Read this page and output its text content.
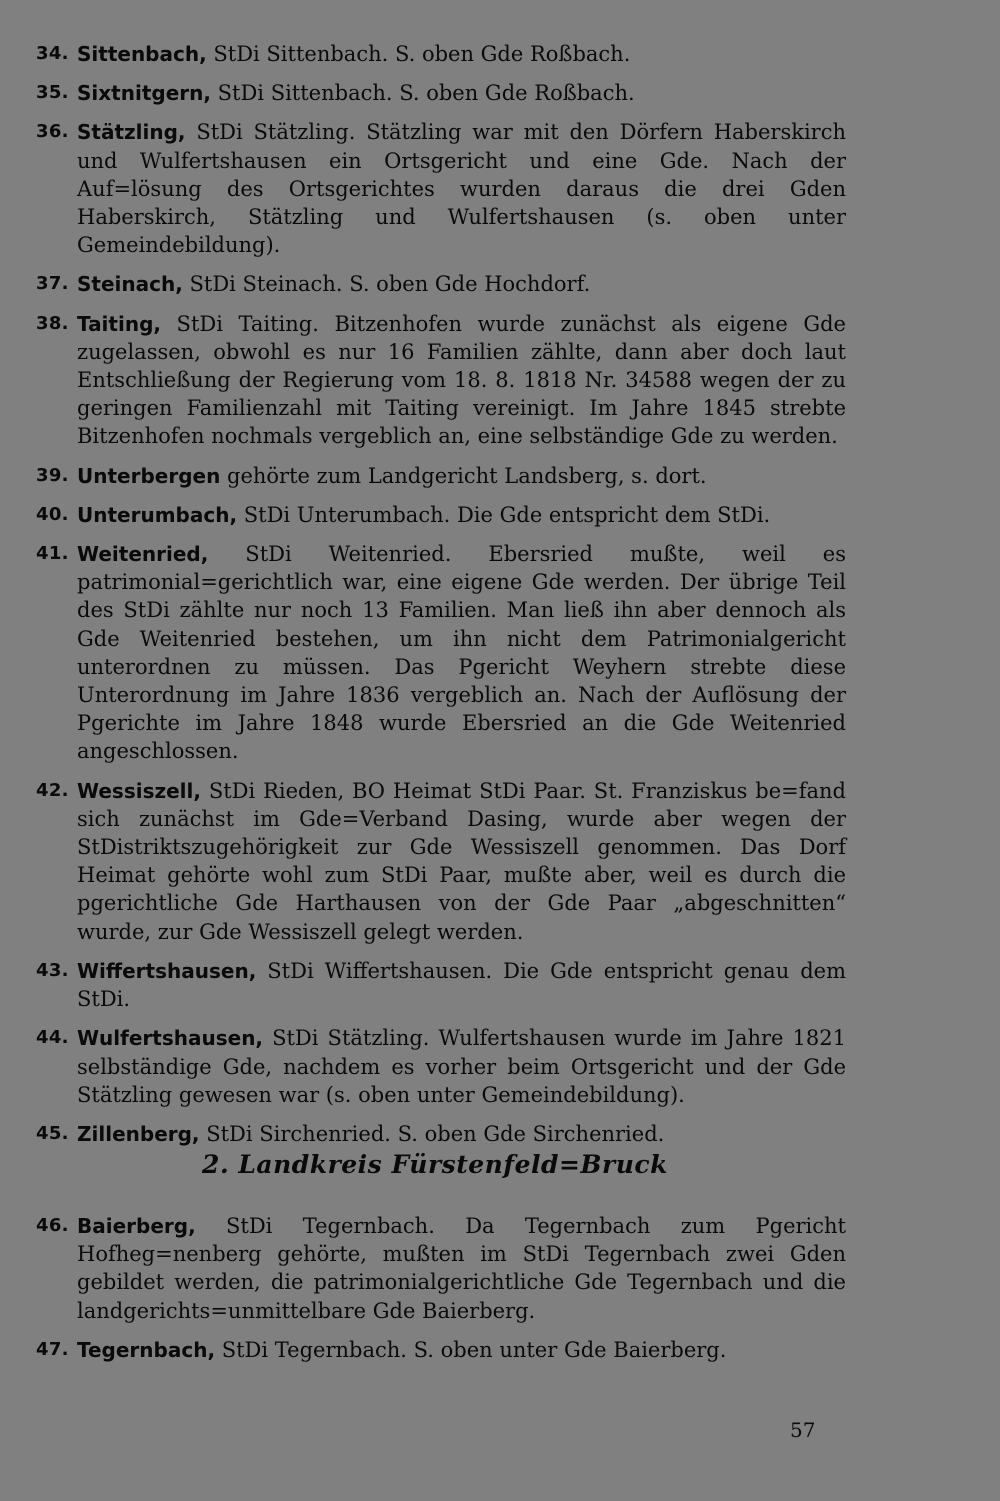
34. Sittenbach, StDi Sittenbach. S. oben Gde Roßbach.
35. Sixtnitgern, StDi Sittenbach. S. oben Gde Roßbach.
36. Stätzling, StDi Stätzling. Stätzling war mit den Dörfern Haberskirch und Wulfertshausen ein Ortsgericht und eine Gde. Nach der Auf=lösung des Ortsgerichtes wurden daraus die drei Gden Haberskirch, Stätzling und Wulfertshausen (s. oben unter Gemeindebildung).
37. Steinach, StDi Steinach. S. oben Gde Hochdorf.
38. Taiting, StDi Taiting. Bitzenhofen wurde zunächst als eigene Gde zugelassen, obwohl es nur 16 Familien zählte, dann aber doch laut Entschließung der Regierung vom 18. 8. 1818 Nr. 34588 wegen der zu geringen Familienzahl mit Taiting vereinigt. Im Jahre 1845 strebte Bitzenhofen nochmals vergeblich an, eine selbständige Gde zu werden.
39. Unterbergen gehörte zum Landgericht Landsberg, s. dort.
40. Unterumbach, StDi Unterumbach. Die Gde entspricht dem StDi.
41. Weitenried, StDi Weitenried. Ebersried mußte, weil es patrimonial=gerichtlich war, eine eigene Gde werden. Der übrige Teil des StDi zählte nur noch 13 Familien. Man ließ ihn aber dennoch als Gde Weitenried bestehen, um ihn nicht dem Patrimonialgericht unterordnen zu müssen. Das Pgericht Weyhern strebte diese Unterordnung im Jahre 1836 vergeblich an. Nach der Auflösung der Pgerichte im Jahre 1848 wurde Ebersried an die Gde Weitenried angeschlossen.
42. Wessiszell, StDi Rieden, BO Heimat StDi Paar. St. Franziskus be=fand sich zunächst im Gde=Verband Dasing, wurde aber wegen der StDistriktszugehörigkeit zur Gde Wessiszell genommen. Das Dorf Heimat gehörte wohl zum StDi Paar, mußte aber, weil es durch die pgerichtliche Gde Harthausen von der Gde Paar „abgeschnitten“ wurde, zur Gde Wessiszell gelegt werden.
43. Wiffertshausen, StDi Wiffertshausen. Die Gde entspricht genau dem StDi.
44. Wulfertshausen, StDi Stätzling. Wulfertshausen wurde im Jahre 1821 selbständige Gde, nachdem es vorher beim Ortsgericht und der Gde Stätzling gewesen war (s. oben unter Gemeindebildung).
45. Zillenberg, StDi Sirchenried. S. oben Gde Sirchenried.
2. Landkreis Fürstenfeld=Bruck
46. Baierberg, StDi Tegernbach. Da Tegernbach zum Pgericht Hofheg=nenberg gehörte, mußten im StDi Tegernbach zwei Gden gebildet werden, die patrimonialgerichtliche Gde Tegernbach und die landgerichts=unmittelbare Gde Baierberg.
47. Tegernbach, StDi Tegernbach. S. oben unter Gde Baierberg.
57
